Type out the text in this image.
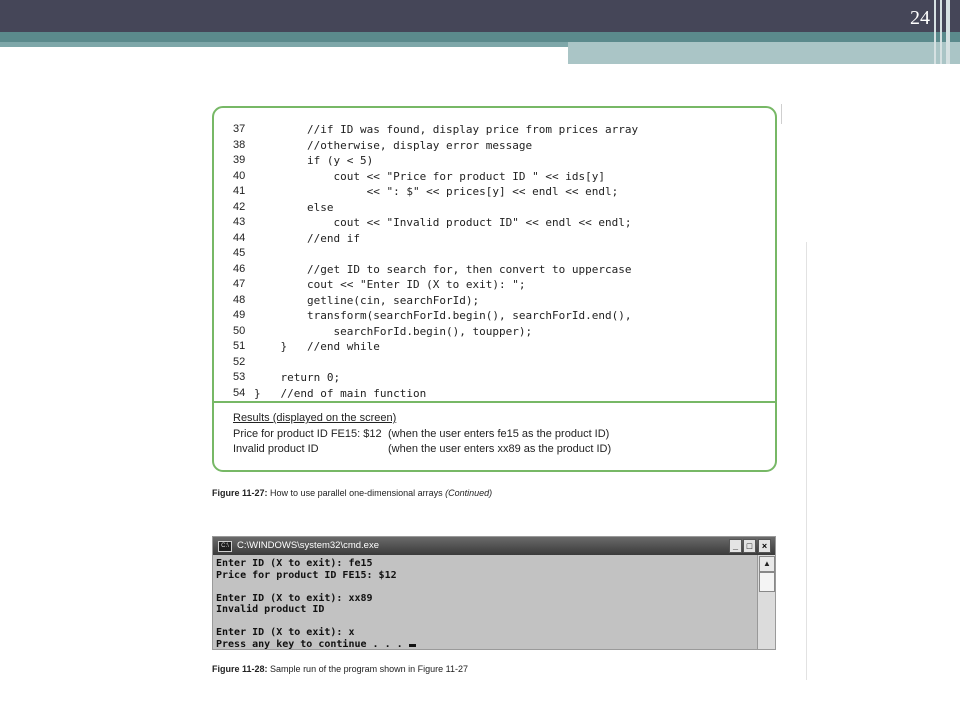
24
37 //if ID was found, display price from prices array
38 //otherwise, display error message
39 if (y < 5)
40 cout << "Price for product ID " << ids[y]
41 << ": $" << prices[y] << endl << endl;
42 else
43 cout << "Invalid product ID" << endl << endl;
44 //end if
45
46 //get ID to search for, then convert to uppercase
47 cout << "Enter ID (X to exit): ";
48 getline(cin, searchForId);
49 transform(searchForId.begin(), searchForId.end(),
50 searchForId.begin(), toupper);
51 }   //end while
52
53 return 0;
54 }   //end of main function
Results (displayed on the screen)
Price for product ID FE15: $12 (when the user enters fe15 as the product ID)
Invalid product ID	(when the user enters xx89 as the product ID)
Figure 11-27: How to use parallel one-dimensional arrays (Continued)
C:\ C:\WINDOWS\system32\cmd.exe	_ □	×
Enter ID (X to exit): fe15
Price for product ID FE15: $12
Enter ID (X to exit): xx89
Invalid product ID
Enter ID (X to exit): x
Press any key to continue . . .
▲
Figure 11-28: Sample run of the program shown in Figure 11-27
